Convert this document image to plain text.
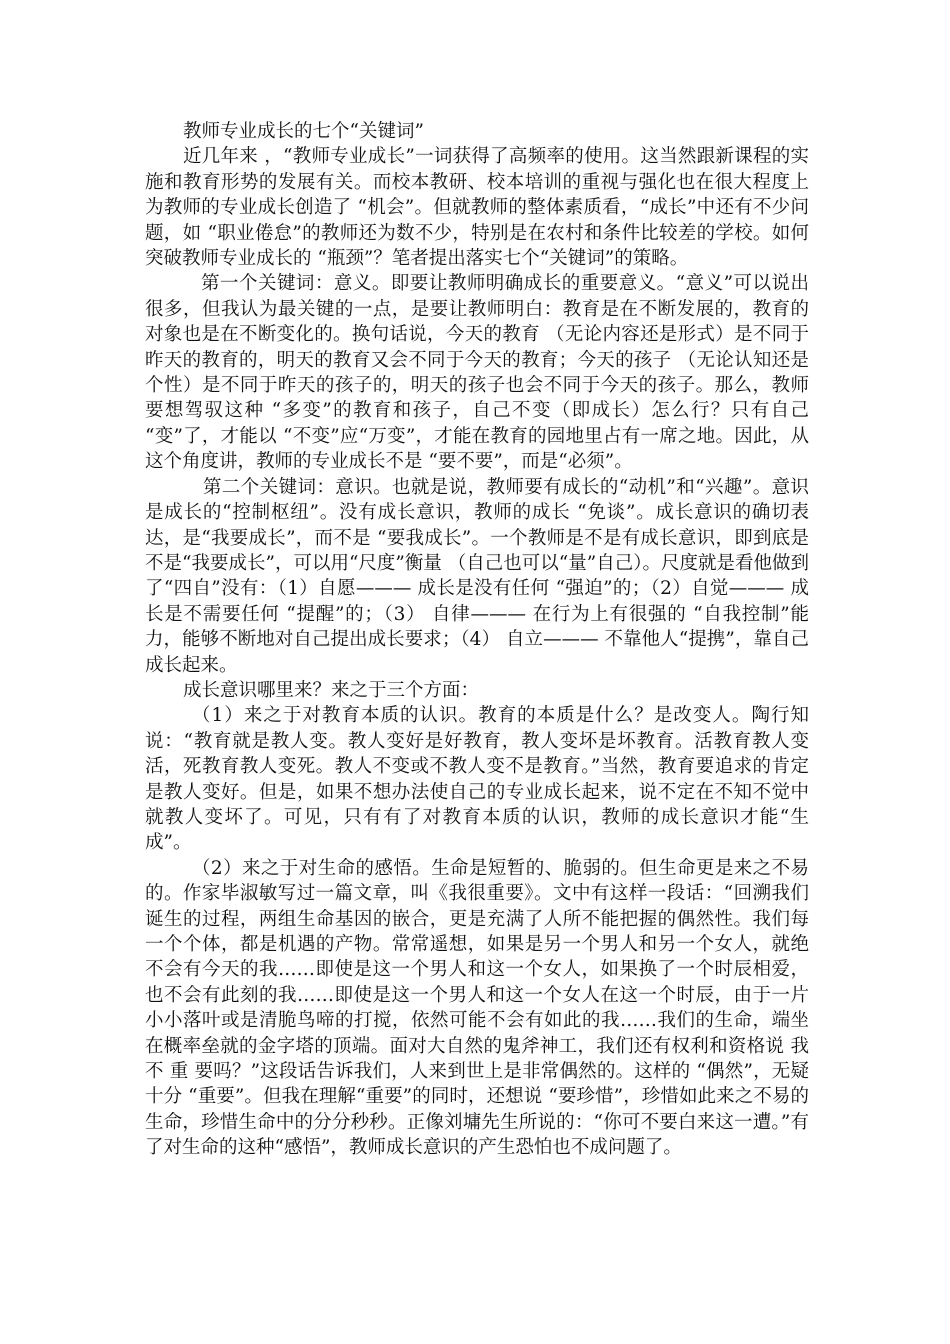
教师专业成长的七个“关键词”

近几年来 ，“教师专业成长”一词获得了高频率的使用。这当然跟新课程的实施和教育形势的发展有关。而校本教研、校本培训的重视与强化也在很大程度上为教师的专业成长创造了 “机会”。但就教师的整体素质看，“成长”中还有不少问题，如 “职业倦怠”的教师还为数不少，特别是在农村和条件比较差的学校。如何突破教师专业成长的 “瓶颈”？笔者提出落实七个“关键词”的策略。

第一个关键词：意义。即要让教师明确成长的重要意义。“意义”可以说出很多，但我认为最关键的一点，是要让教师明白：教育是在不断发展的，教育的对象也是在不断变化的。换句话说，今天的教育 （无论内容还是形式）是不同于昨天的教育的，明天的教育又会不同于今天的教育；今天的孩子 （无论认知还是个性）是不同于昨天的孩子的，明天的孩子也会不同于今天的孩子。那么，教师要想驾驭这种 “多变”的教育和孩子，自己不变（即成长）怎么行？只有自己 “变”了，才能以 “不变”应“万变”，才能在教育的园地里占有一席之地。因此，从这个角度讲，教师的专业成长不是 “要不要”，而是“必须”。

第二个关键词：意识。也就是说，教师要有成长的“动机”和“兴趣”。意识是成长的“控制枢纽”。没有成长意识，教师的成长 “免谈”。成长意识的确切表达，是“我要成长”，而不是 “要我成长”。一个教师是不是有成长意识，即到底是不是“我要成长”，可以用“尺度”衡量 （自己也可以“量”自己）。尺度就是看他做到了“四自”没有：（1）自愿——— 成长是没有任何 “强迫”的；（2）自觉——— 成长是不需要任何 “提醒”的；（3） 自律——— 在行为上有很强的 “自我控制”能力，能够不断地对自己提出成长要求；（4） 自立——— 不靠他人“提携”，靠自己成长起来。

成长意识哪里来？来之于三个方面：

（1）来之于对教育本质的认识。教育的本质是什么？是改变人。陶行知说：“教育就是教人变。教人变好是好教育，教人变坏是坏教育。活教育教人变活，死教育教人变死。教人不变或不教人变不是教育。”当然，教育要追求的肯定是教人变好。但是，如果不想办法使自己的专业成长起来，说不定在不知不觉中就教人变坏了。可见，只有有了对教育本质的认识，教师的成长意识才能“生成”。

（2）来之于对生命的感悟。生命是短暂的、脆弱的。但生命更是来之不易的。作家毕淑敏写过一篇文章，叫《我很重要》。文中有这样一段话：“回溯我们诞生的过程，两组生命基因的嵌合，更是充满了人所不能把握的偶然性。我们每一个个体，都是机遇的产物。常常遥想，如果是另一个男人和另一个女人，就绝不会有今天的我……即使是这一个男人和这一个女人，如果换了一个时辰相爱，也不会有此刻的我……即使是这一个男人和这一个女人在这一个时辰，由于一片小小落叶或是清脆鸟啼的打搅，依然可能不会有如此的我……我们的生命，端坐在概率垒就的金字塔的顶端。面对大自然的鬼斧神工，我们还有权利和资格说 我 不 重 要吗？”这段话告诉我们，人来到世上是非常偶然的。这样的 “偶然”，无疑十分 “重要”。但我在理解“重要”的同时，还想说 “要珍惜”，珍惜如此来之不易的生命，珍惜生命中的分分秒秒。正像刘墉先生所说的：“你可不要白来这一遭。”有了对生命的这种“感悟”，教师成长意识的产生恐怕也不成问题了。
